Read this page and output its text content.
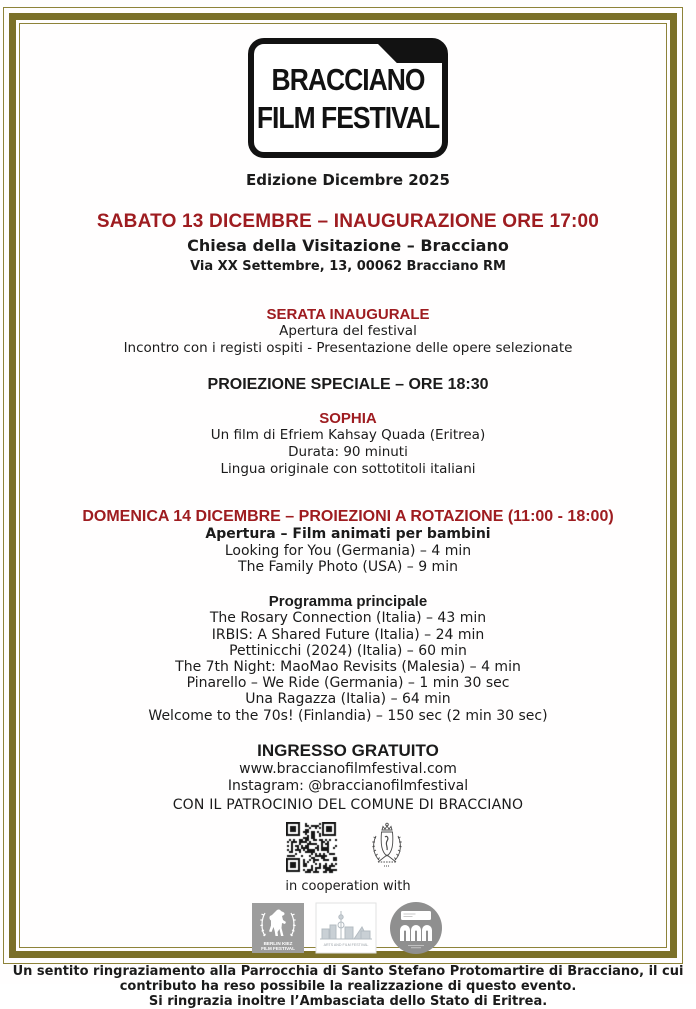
BRACCIANO
FILM FESTIVAL
Edizione Dicembre 2025
SABATO 13 DICEMBRE – INAUGURAZIONE ORE 17:00
Chiesa della Visitazione – Bracciano
Via XX Settembre, 13, 00062 Bracciano RM
SERATA INAUGURALE
Apertura del festival
Incontro con i registi ospiti - Presentazione delle opere selezionate
PROIEZIONE SPECIALE – ORE 18:30
SOPHIA
Un film di Efriem Kahsay Quada (Eritrea)
Durata: 90 minuti
Lingua originale con sottotitoli italiani
DOMENICA 14 DICEMBRE – PROIEZIONI A ROTAZIONE (11:00 - 18:00)
Apertura – Film animati per bambini
Looking for You (Germania) – 4 min
The Family Photo (USA) – 9 min
Programma principale
The Rosary Connection (Italia) – 43 min
IRBIS: A Shared Future (Italia) – 24 min
Pettinicchi (2024) (Italia) – 60 min
The 7th Night: MaoMao Revisits (Malesia) – 4 min
Pinarello – We Ride (Germania) – 1 min 30 sec
Una Ragazza (Italia) – 64 min
Welcome to the 70s! (Finlandia) – 150 sec (2 min 30 sec)
INGRESSO GRATUITO
www.braccianofilmfestival.com
Instagram: @braccianofilmfestival
CON IL PATROCINIO DEL COMUNE DI BRACCIANO
in cooperation with
BERLIN KIEZ
FILM FESTIVAL
ARTS AND FILM FESTIVAL
Un sentito ringraziamento alla Parrocchia di Santo Stefano Protomartire di Bracciano, il cui
contributo ha reso possibile la realizzazione di questo evento.
Si ringrazia inoltre l’Ambasciata dello Stato di Eritrea.
